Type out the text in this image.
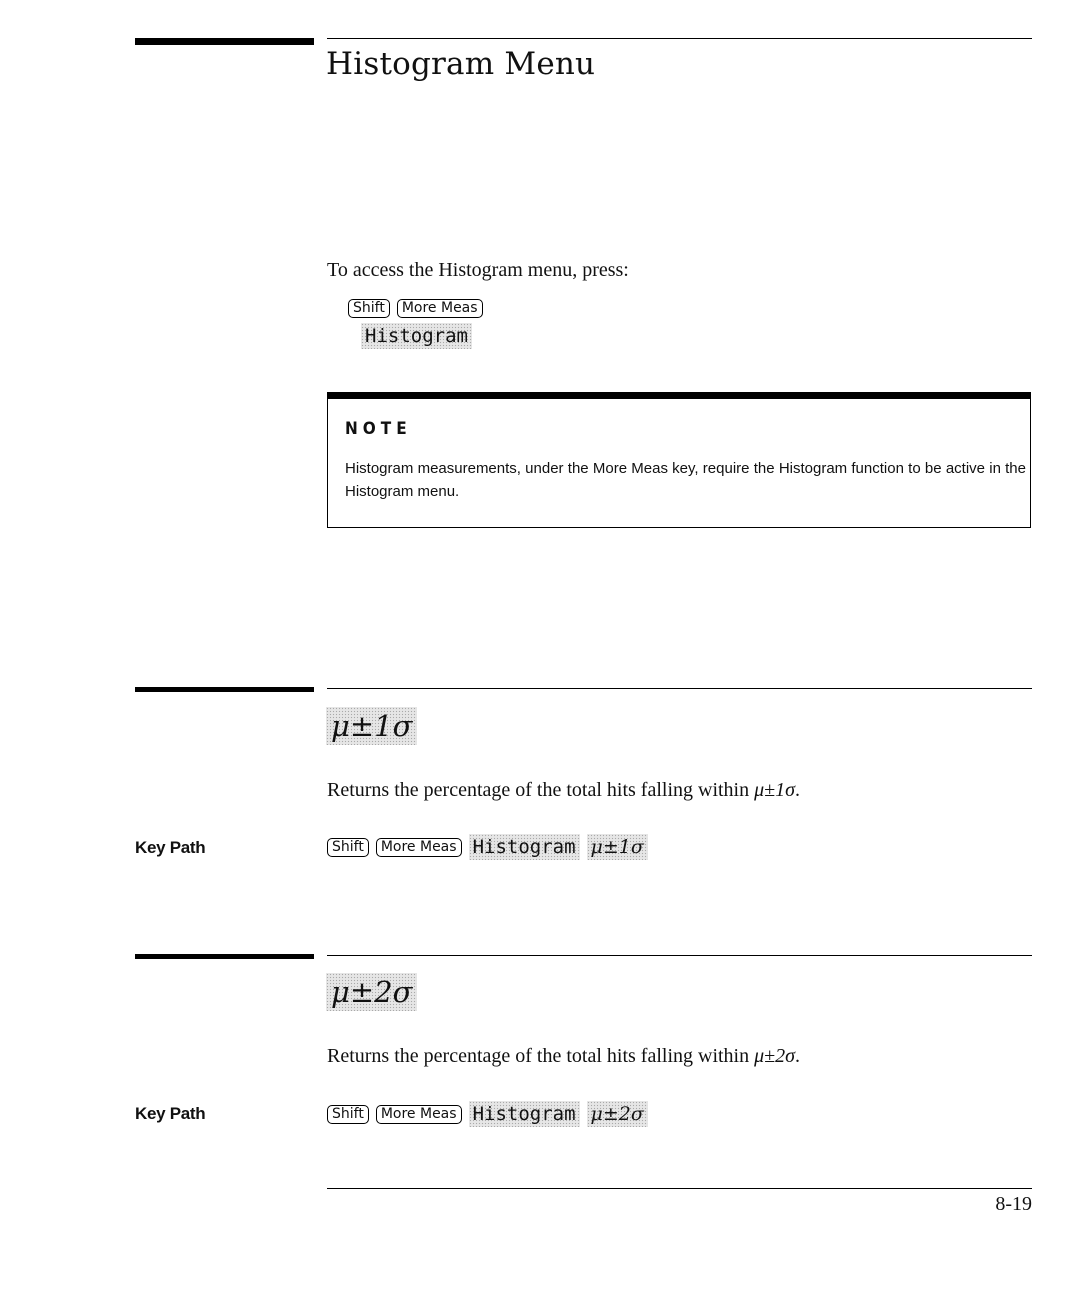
Histogram Menu
To access the Histogram menu, press:
Shift	More Meas
Histogram
NOTE
Histogram measurements, under the More Meas key, require the Histogram function to be active in the Histogram menu.
μ±1σ
Returns the percentage of the total hits falling within μ±1σ.
Key Path	Shift	More Meas Histogram μ±1σ
μ±2σ
Returns the percentage of the total hits falling within μ±2σ.
Key Path	Shift	More Meas Histogram μ±2σ
8-19
